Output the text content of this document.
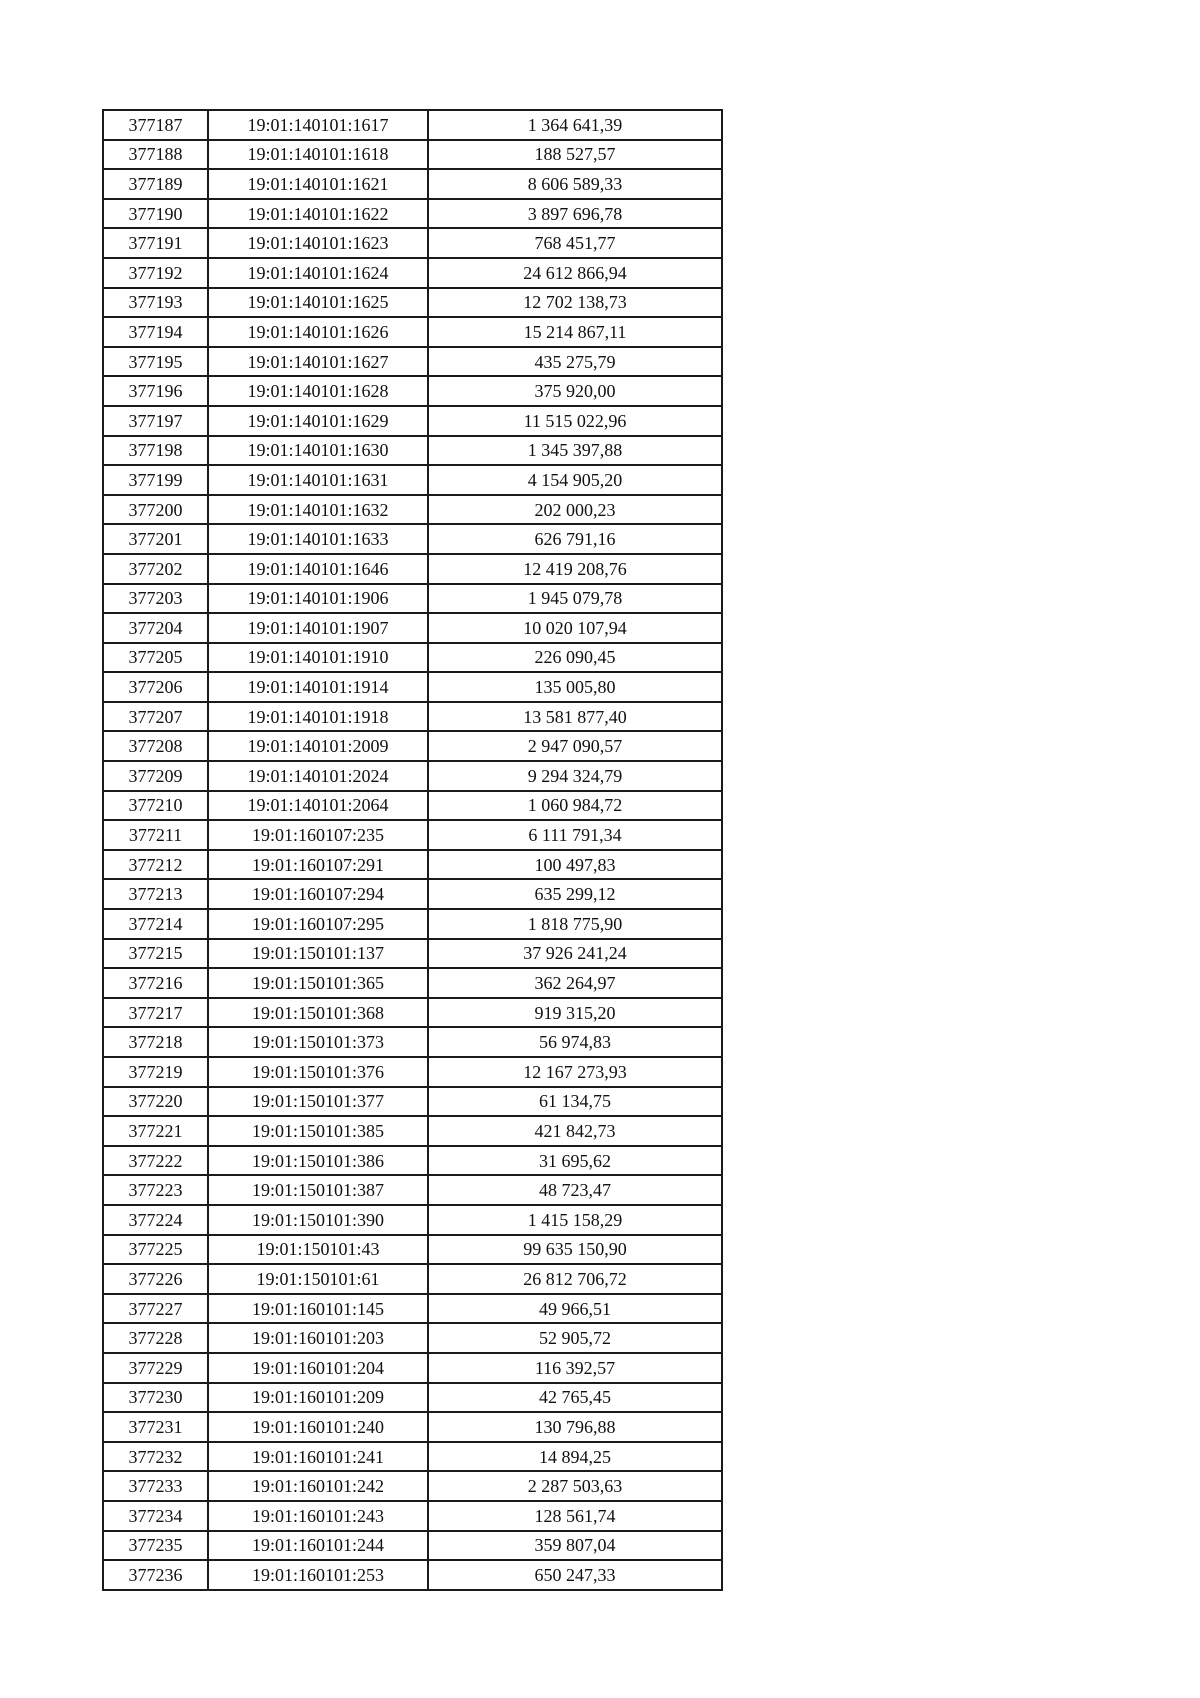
377187	19:01:140101:1617	1 364 641,39
377188	19:01:140101:1618	188 527,57
377189	19:01:140101:1621	8 606 589,33
377190	19:01:140101:1622	3 897 696,78
377191	19:01:140101:1623	768 451,77
377192	19:01:140101:1624	24 612 866,94
377193	19:01:140101:1625	12 702 138,73
377194	19:01:140101:1626	15 214 867,11
377195	19:01:140101:1627	435 275,79
377196	19:01:140101:1628	375 920,00
377197	19:01:140101:1629	11 515 022,96
377198	19:01:140101:1630	1 345 397,88
377199	19:01:140101:1631	4 154 905,20
377200	19:01:140101:1632	202 000,23
377201	19:01:140101:1633	626 791,16
377202	19:01:140101:1646	12 419 208,76
377203	19:01:140101:1906	1 945 079,78
377204	19:01:140101:1907	10 020 107,94
377205	19:01:140101:1910	226 090,45
377206	19:01:140101:1914	135 005,80
377207	19:01:140101:1918	13 581 877,40
377208	19:01:140101:2009	2 947 090,57
377209	19:01:140101:2024	9 294 324,79
377210	19:01:140101:2064	1 060 984,72
377211	19:01:160107:235	6 111 791,34
377212	19:01:160107:291	100 497,83
377213	19:01:160107:294	635 299,12
377214	19:01:160107:295	1 818 775,90
377215	19:01:150101:137	37 926 241,24
377216	19:01:150101:365	362 264,97
377217	19:01:150101:368	919 315,20
377218	19:01:150101:373	56 974,83
377219	19:01:150101:376	12 167 273,93
377220	19:01:150101:377	61 134,75
377221	19:01:150101:385	421 842,73
377222	19:01:150101:386	31 695,62
377223	19:01:150101:387	48 723,47
377224	19:01:150101:390	1 415 158,29
377225	19:01:150101:43	99 635 150,90
377226	19:01:150101:61	26 812 706,72
377227	19:01:160101:145	49 966,51
377228	19:01:160101:203	52 905,72
377229	19:01:160101:204	116 392,57
377230	19:01:160101:209	42 765,45
377231	19:01:160101:240	130 796,88
377232	19:01:160101:241	14 894,25
377233	19:01:160101:242	2 287 503,63
377234	19:01:160101:243	128 561,74
377235	19:01:160101:244	359 807,04
377236	19:01:160101:253	650 247,33
